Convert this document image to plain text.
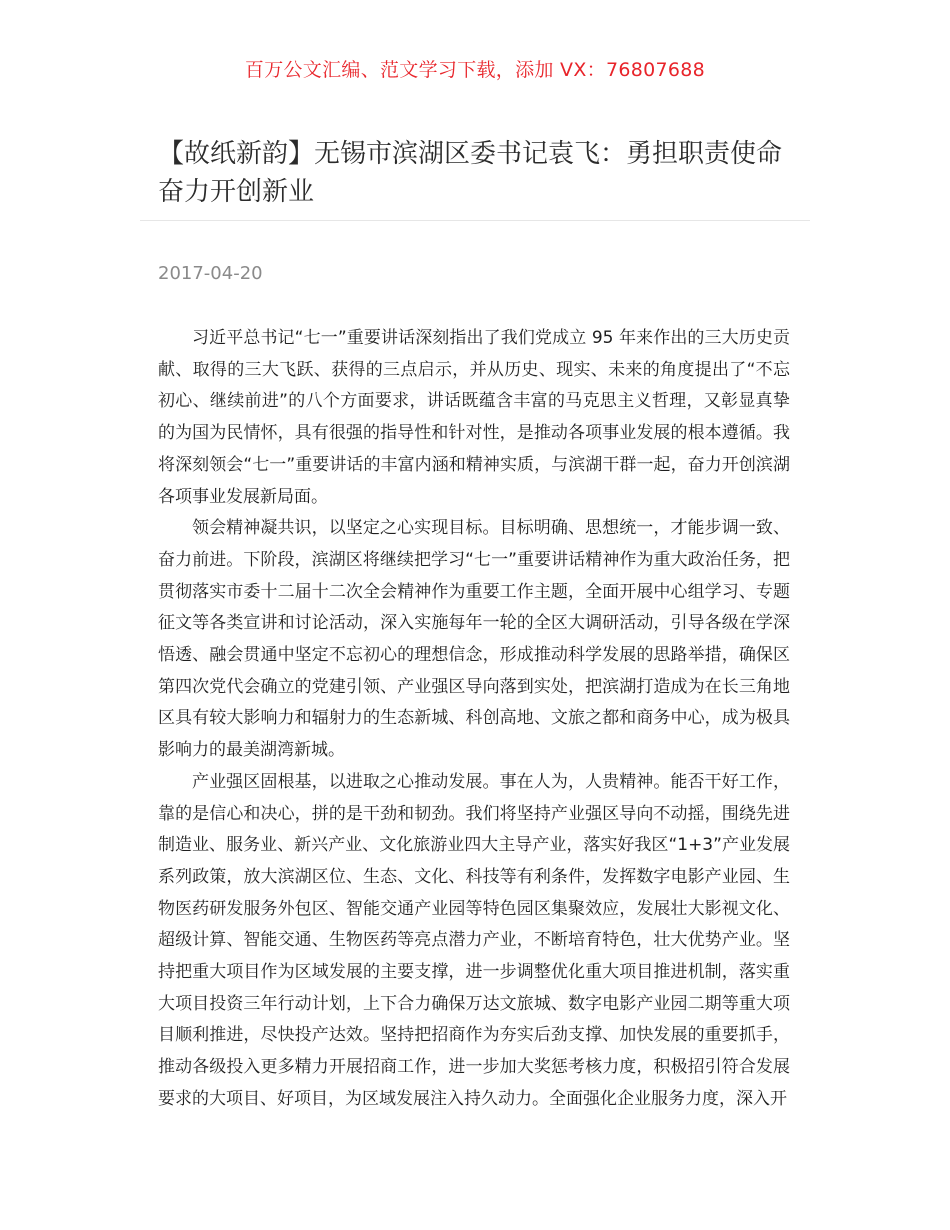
百万公文汇编、范文学习下载，添加 VX：76807688
【故纸新韵】无锡市滨湖区委书记袁飞：勇担职责使命奋力开创新业
2017-04-20

习近平总书记“七一”重要讲话深刻指出了我们党成立 95 年来作出的三大历史贡献、取得的三大飞跃、获得的三点启示，并从历史、现实、未来的角度提出了“不忘初心、继续前进”的八个方面要求，讲话既蕴含丰富的马克思主义哲理，又彰显真挚的为国为民情怀，具有很强的指导性和针对性，是推动各项事业发展的根本遵循。我将深刻领会“七一”重要讲话的丰富内涵和精神实质，与滨湖干群一起，奋力开创滨湖各项事业发展新局面。

领会精神凝共识，以坚定之心实现目标。目标明确、思想统一，才能步调一致、奋力前进。下阶段，滨湖区将继续把学习“七一”重要讲话精神作为重大政治任务，把贯彻落实市委十二届十二次全会精神作为重要工作主题，全面开展中心组学习、专题征文等各类宣讲和讨论活动，深入实施每年一轮的全区大调研活动，引导各级在学深悟透、融会贯通中坚定不忘初心的理想信念，形成推动科学发展的思路举措，确保区第四次党代会确立的党建引领、产业强区导向落到实处，把滨湖打造成为在长三角地区具有较大影响力和辐射力的生态新城、科创高地、文旅之都和商务中心，成为极具影响力的最美湖湾新城。

产业强区固根基，以进取之心推动发展。事在人为，人贵精神。能否干好工作，靠的是信心和决心，拼的是干劲和韧劲。我们将坚持产业强区导向不动摇，围绕先进制造业、服务业、新兴产业、文化旅游业四大主导产业，落实好我区“1+3”产业发展系列政策，放大滨湖区位、生态、文化、科技等有利条件，发挥数字电影产业园、生物医药研发服务外包区、智能交通产业园等特色园区集聚效应，发展壮大影视文化、超级计算、智能交通、生物医药等亮点潜力产业，不断培育特色，壮大优势产业。坚持把重大项目作为区域发展的主要支撑，进一步调整优化重大项目推进机制，落实重大项目投资三年行动计划，上下合力确保万达文旅城、数字电影产业园二期等重大项目顺利推进，尽快投产达效。坚持把招商作为夯实后劲支撑、加快发展的重要抓手，推动各级投入更多精力开展招商工作，进一步加大奖惩考核力度，积极招引符合发展要求的大项目、好项目，为区域发展注入持久动力。全面强化企业服务力度，深入开
